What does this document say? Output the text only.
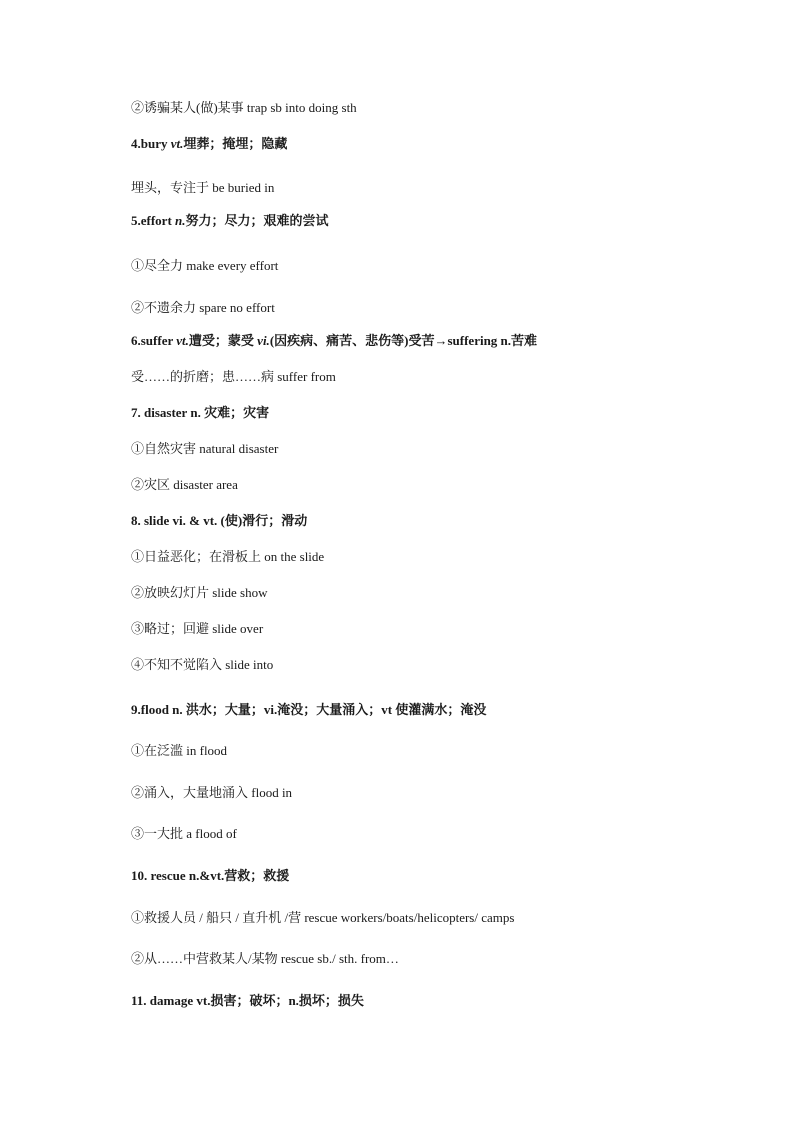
②诱骗某人(做)某事 trap sb into doing sth
4.bury vt.埋葬；掩埋；隐藏
埋头，专注于 be buried in
5.effort n.努力；尽力；艰难的尝试
①尽全力 make every effort
②不遗余力 spare no effort
6.suffer vt.遭受；蒙受 vi.(因疾病、痛苦、悲伤等)受苦→suffering n.苦难
受……的折磨；患……病 suffer from
7. disaster n. 灾难；灾害
①自然灾害 natural disaster
②灾区 disaster area
8. slide vi. & vt. (使)滑行；滑动
①日益恶化；在滑板上 on the slide
②放映幻灯片 slide show
③略过；回避 slide over
④不知不觉陷入 slide into
9.flood n. 洪水；大量；vi.淹没；大量涌入；vt 使灌满水；淹没
①在泛滥 in flood
②涌入，大量地涌入 flood in
③一大批 a flood of
10. rescue n.&vt.营救；救援
①救援人员 / 船只 / 直升机 /营 rescue workers/boats/helicopters/ camps
②从……中营救某人/某物 rescue sb./ sth. from…
11. damage vt.损害；破坏；n.损坏；损失
